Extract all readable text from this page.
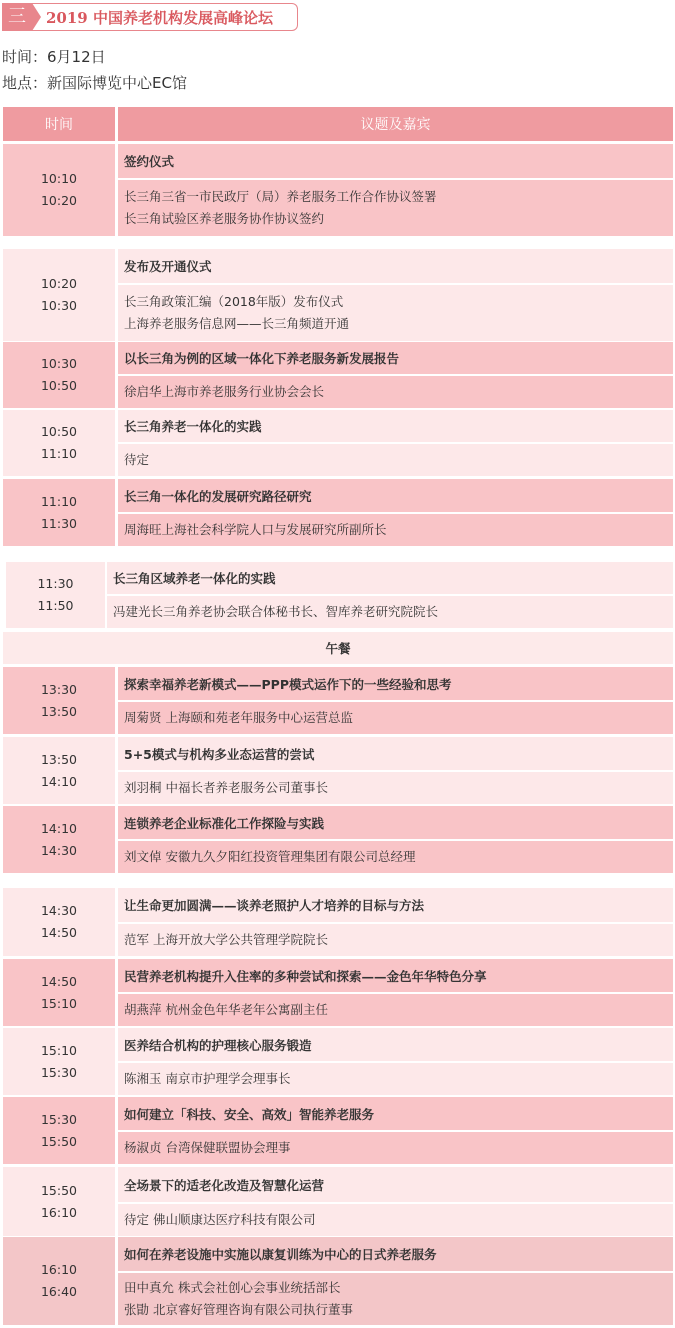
三	2019 中国养老机构发展高峰论坛
时间：6月12日
地点：新国际博览中心EC馆
时间	议题及嘉宾
10:10
10:20
签约仪式
长三角三省一市民政厅（局）养老服务工作合作协议签署
长三角试验区养老服务协作协议签约
10:20
10:30
发布及开通仪式
长三角政策汇编（2018年版）发布仪式
上海养老服务信息网——长三角频道开通
10:30
10:50
以长三角为例的区域一体化下养老服务新发展报告
徐启华上海市养老服务行业协会会长
10:50
11:10
长三角养老一体化的实践
待定
11:10
11:30
长三角一体化的发展研究路径研究
周海旺上海社会科学院人口与发展研究所副所长
11:30
11:50
长三角区域养老一体化的实践
冯建光长三角养老协会联合体秘书长、智库养老研究院院长
13:30
13:50
探索幸福养老新模式——PPP模式运作下的一些经验和思考
周菊贤 上海颐和苑老年服务中心运营总监
13:50
14:10
5+5模式与机构多业态运营的尝试
刘羽桐 中福长者养老服务公司董事长
14:10
14:30
连锁养老企业标准化工作探险与实践
刘文倬 安徽九久夕阳红投资管理集团有限公司总经理
14:30
14:50
让生命更加圆满——谈养老照护人才培养的目标与方法
范军 上海开放大学公共管理学院院长
14:50
15:10
民营养老机构提升入住率的多种尝试和探索——金色年华特色分享
胡燕萍 杭州金色年华老年公寓副主任
15:10
15:30
医养结合机构的护理核心服务锻造
陈湘玉 南京市护理学会理事长
15:30
15:50
如何建立「科技、安全、高效」智能养老服务
杨淑贞 台湾保健联盟协会理事
15:50
16:10
全场景下的适老化改造及智慧化运营
待定 佛山顺康达医疗科技有限公司
16:10
16:40
如何在养老设施中实施以康复训练为中心的日式养老服务
田中真允 株式会社创心会事业统括部长
张勖 北京睿好管理咨询有限公司执行董事
午餐
